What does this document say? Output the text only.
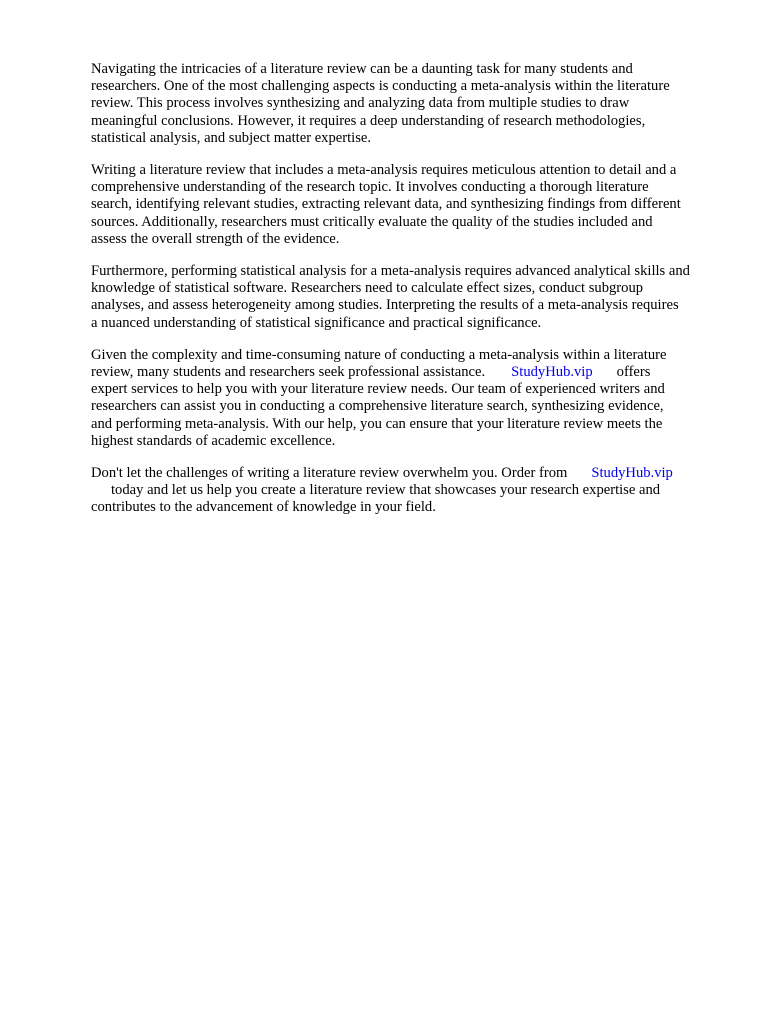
Navigating the intricacies of a literature review can be a daunting task for many students and
researchers. One of the most challenging aspects is conducting a meta-analysis within the literature
review. This process involves synthesizing and analyzing data from multiple studies to draw
meaningful conclusions. However, it requires a deep understanding of research methodologies,
statistical analysis, and subject matter expertise.

Writing a literature review that includes a meta-analysis requires meticulous attention to detail and a
comprehensive understanding of the research topic. It involves conducting a thorough literature
search, identifying relevant studies, extracting relevant data, and synthesizing findings from different
sources. Additionally, researchers must critically evaluate the quality of the studies included and
assess the overall strength of the evidence.

Furthermore, performing statistical analysis for a meta-analysis requires advanced analytical skills and
knowledge of statistical software. Researchers need to calculate effect sizes, conduct subgroup
analyses, and assess heterogeneity among studies. Interpreting the results of a meta-analysis requires
a nuanced understanding of statistical significance and practical significance.

Given the complexity and time-consuming nature of conducting a meta-analysis within a literature
review, many students and researchers seek professional assistance. StudyHub.vip offers
expert services to help you with your literature review needs. Our team of experienced writers and
researchers can assist you in conducting a comprehensive literature search, synthesizing evidence,
and performing meta-analysis. With our help, you can ensure that your literature review meets the
highest standards of academic excellence.

Don't let the challenges of writing a literature review overwhelm you. Order from StudyHub.vip
today and let us help you create a literature review that showcases your research expertise and
contributes to the advancement of knowledge in your field.
